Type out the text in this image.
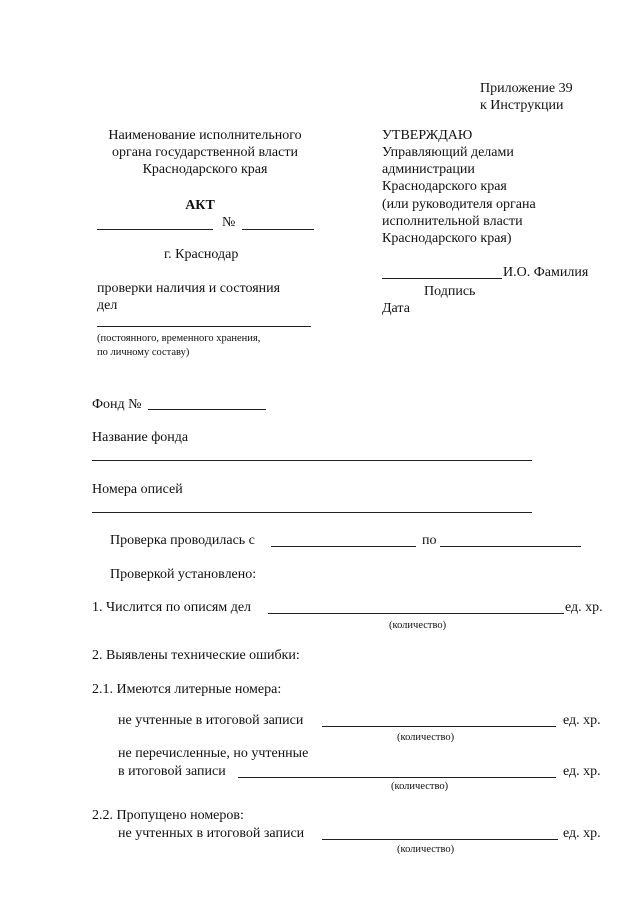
Приложение 39
к Инструкции
Наименование исполнительного
органа государственной власти
Краснодарского края
УТВЕРЖДАЮ
Управляющий делами
администрации
Краснодарского края
(или руководителя органа
исполнительной власти
Краснодарского края)
И.О. Фамилия
Подпись
Дата
АКТ
№
г. Краснодар
проверки наличия и состояния
дел
(постоянного, временного хранения,
по личному составу)
Фонд №
Название фонда
Номера описей
Проверка проводилась с	по
Проверкой установлено:
1. Числится по описям дел	ед. хр.
(количество)
2. Выявлены технические ошибки:
2.1. Имеются литерные номера:
не учтенные в итоговой записи	ед. хр.
(количество)
не перечисленные, но учтенные
в итоговой записи	ед. хр.
(количество)
2.2. Пропущено номеров:
не учтенных в итоговой записи	ед. хр.
(количество)
